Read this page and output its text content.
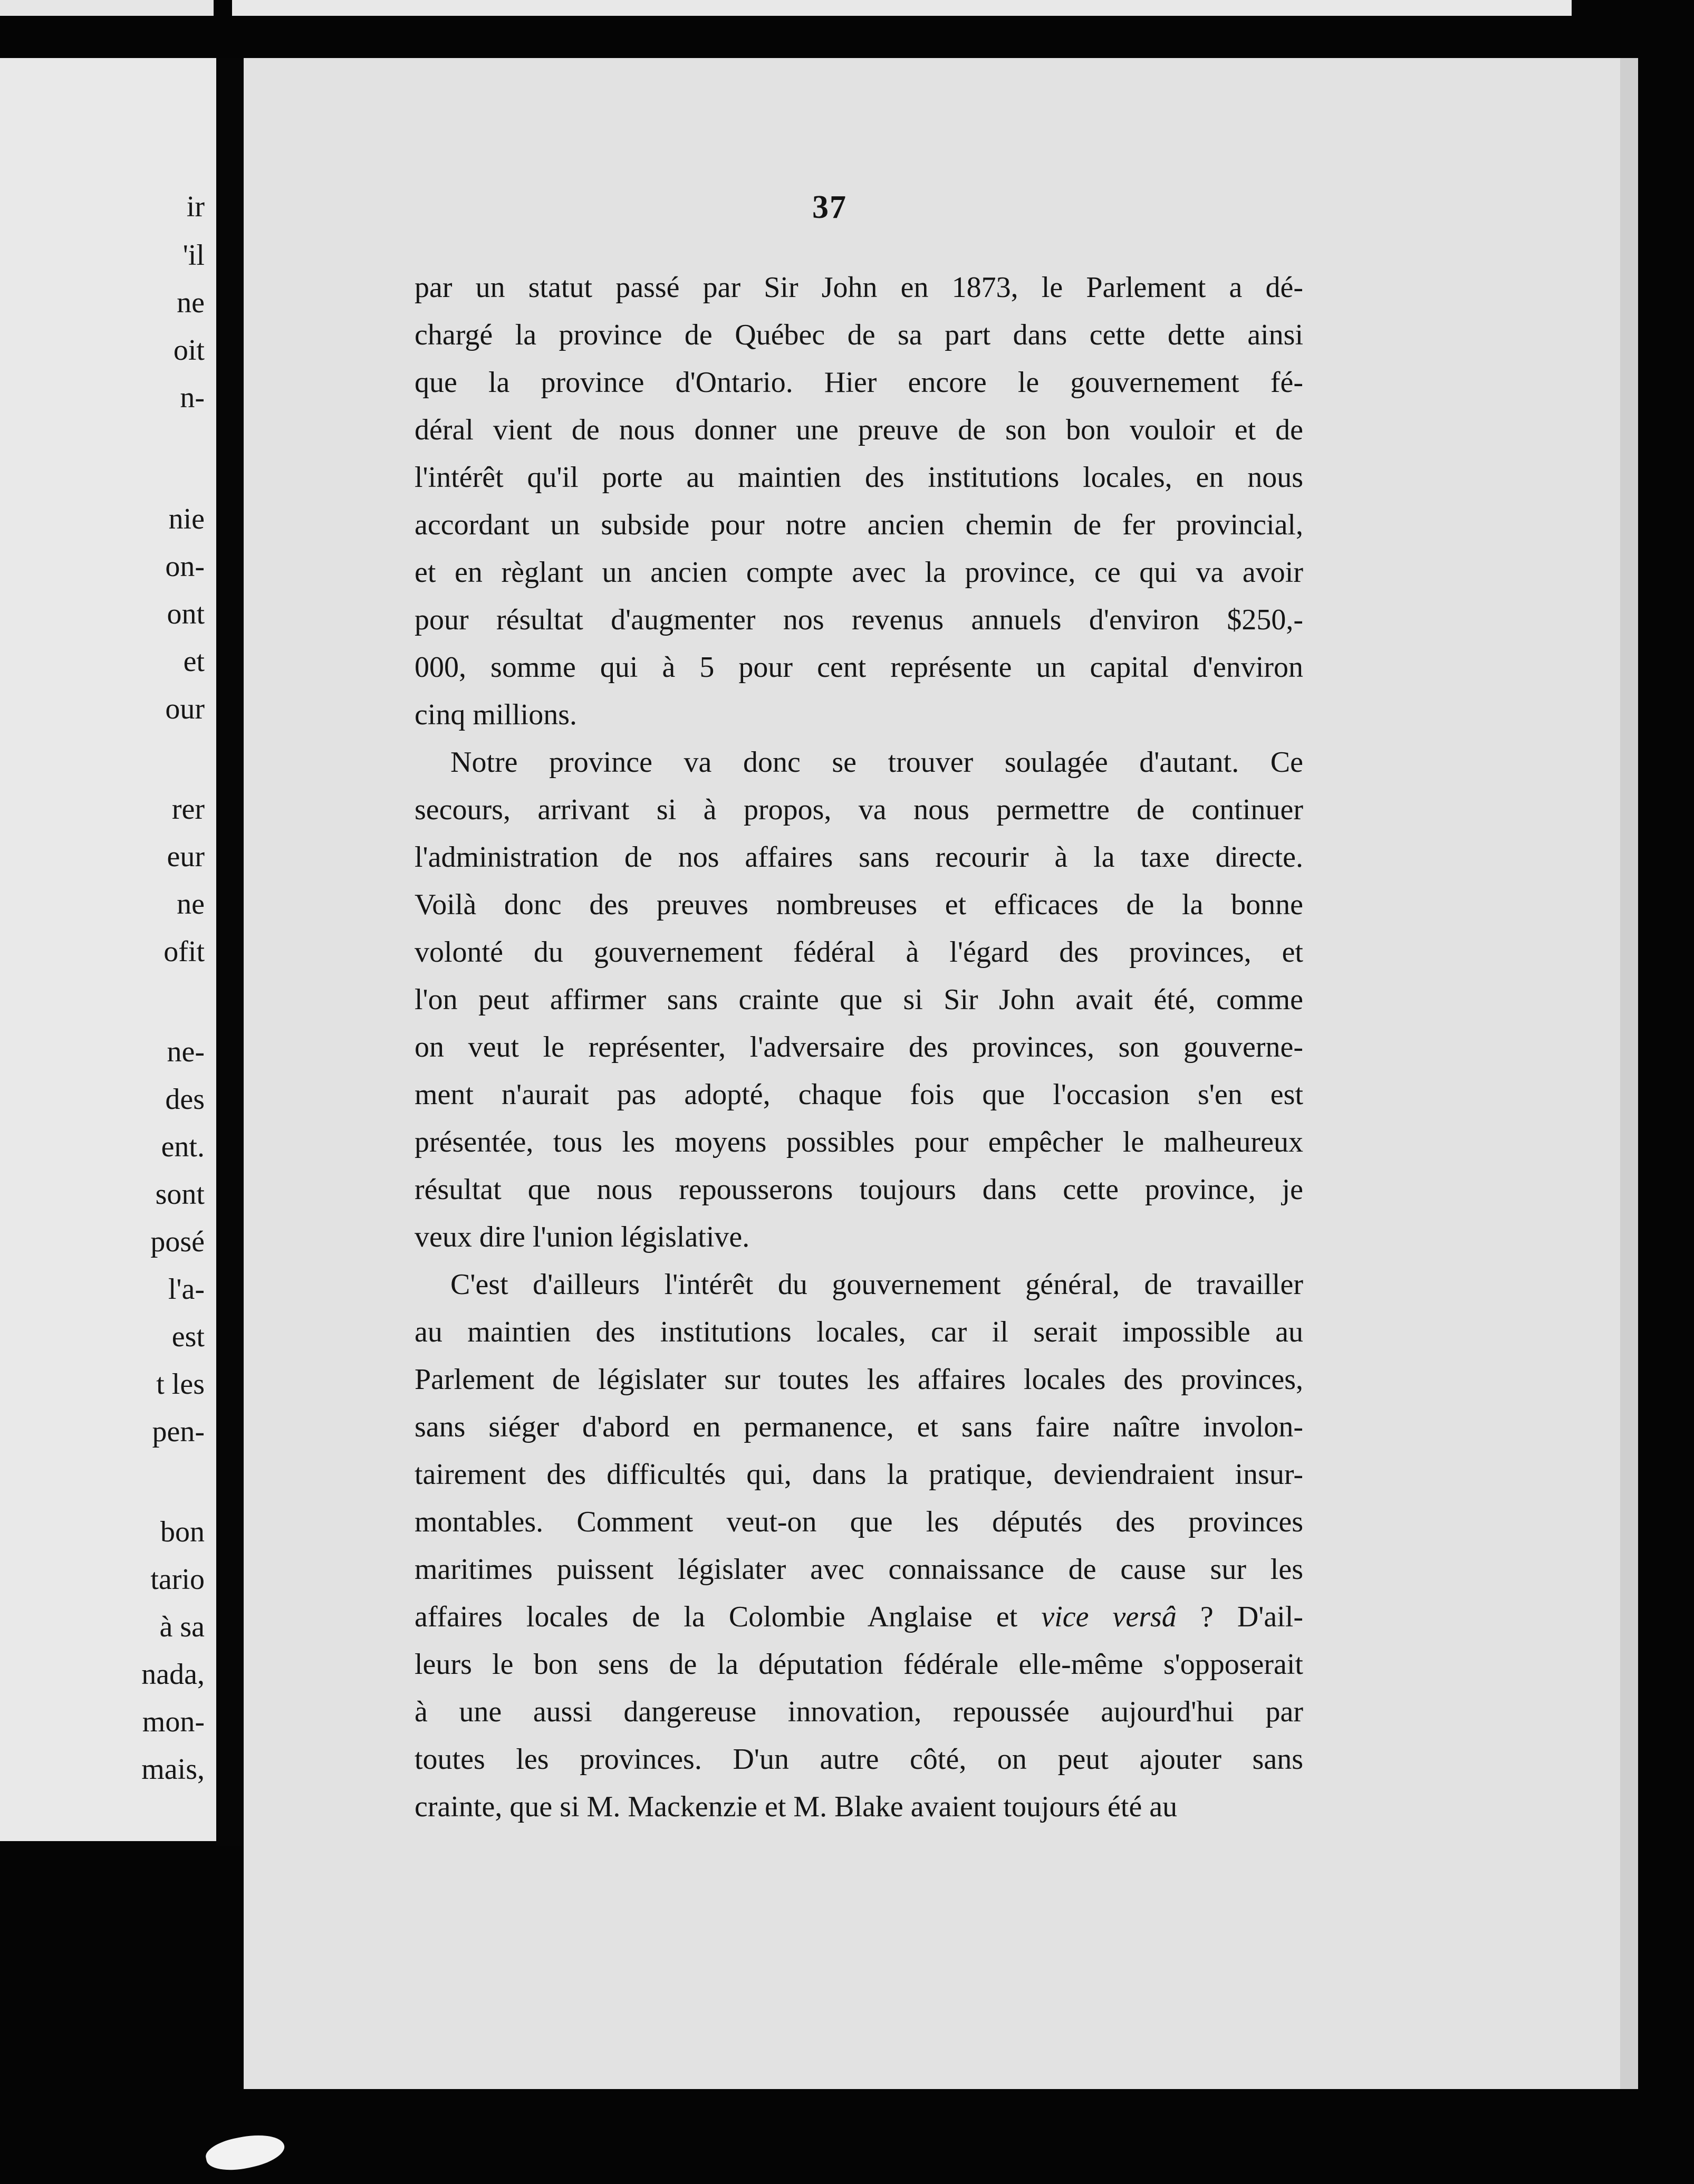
ir
'il
ne
oit
n-
nie
on-
ont
et
our
rer
eur
ne
ofit
ne-
des
ent.
sont
posé
l'a-
est
t les
pen-
bon
tario
à sa
nada,
mon-
mais,
37
par un statut passé par Sir John en 1873, le Parlement a dé-
chargé la province de Québec de sa part dans cette dette ainsi
que la province d'Ontario. Hier encore le gouvernement fé-
déral vient de nous donner une preuve de son bon vouloir et de
l'intérêt qu'il porte au maintien des institutions locales, en nous
accordant un subside pour notre ancien chemin de fer provincial,
et en règlant un ancien compte avec la province, ce qui va avoir
pour résultat d'augmenter nos revenus annuels d'environ $250,-
000, somme qui à 5 pour cent représente un capital d'environ
cinq millions.
Notre province va donc se trouver soulagée d'autant. Ce
secours, arrivant si à propos, va nous permettre de continuer
l'administration de nos affaires sans recourir à la taxe directe.
Voilà donc des preuves nombreuses et efficaces de la bonne
volonté du gouvernement fédéral à l'égard des provinces, et
l'on peut affirmer sans crainte que si Sir John avait été, comme
on veut le représenter, l'adversaire des provinces, son gouverne-
ment n'aurait pas adopté, chaque fois que l'occasion s'en est
présentée, tous les moyens possibles pour empêcher le malheureux
résultat que nous repousserons toujours dans cette province, je
veux dire l'union législative.
C'est d'ailleurs l'intérêt du gouvernement général, de travailler
au maintien des institutions locales, car il serait impossible au
Parlement de législater sur toutes les affaires locales des provinces,
sans siéger d'abord en permanence, et sans faire naître involon-
tairement des difficultés qui, dans la pratique, deviendraient insur-
montables. Comment veut-on que les députés des provinces
maritimes puissent législater avec connaissance de cause sur les
affaires locales de la Colombie Anglaise et vice versâ ? D'ail-
leurs le bon sens de la députation fédérale elle-même s'opposerait
à une aussi dangereuse innovation, repoussée aujourd'hui par
toutes les provinces. D'un autre côté, on peut ajouter sans
crainte, que si M. Mackenzie et M. Blake avaient toujours été au
